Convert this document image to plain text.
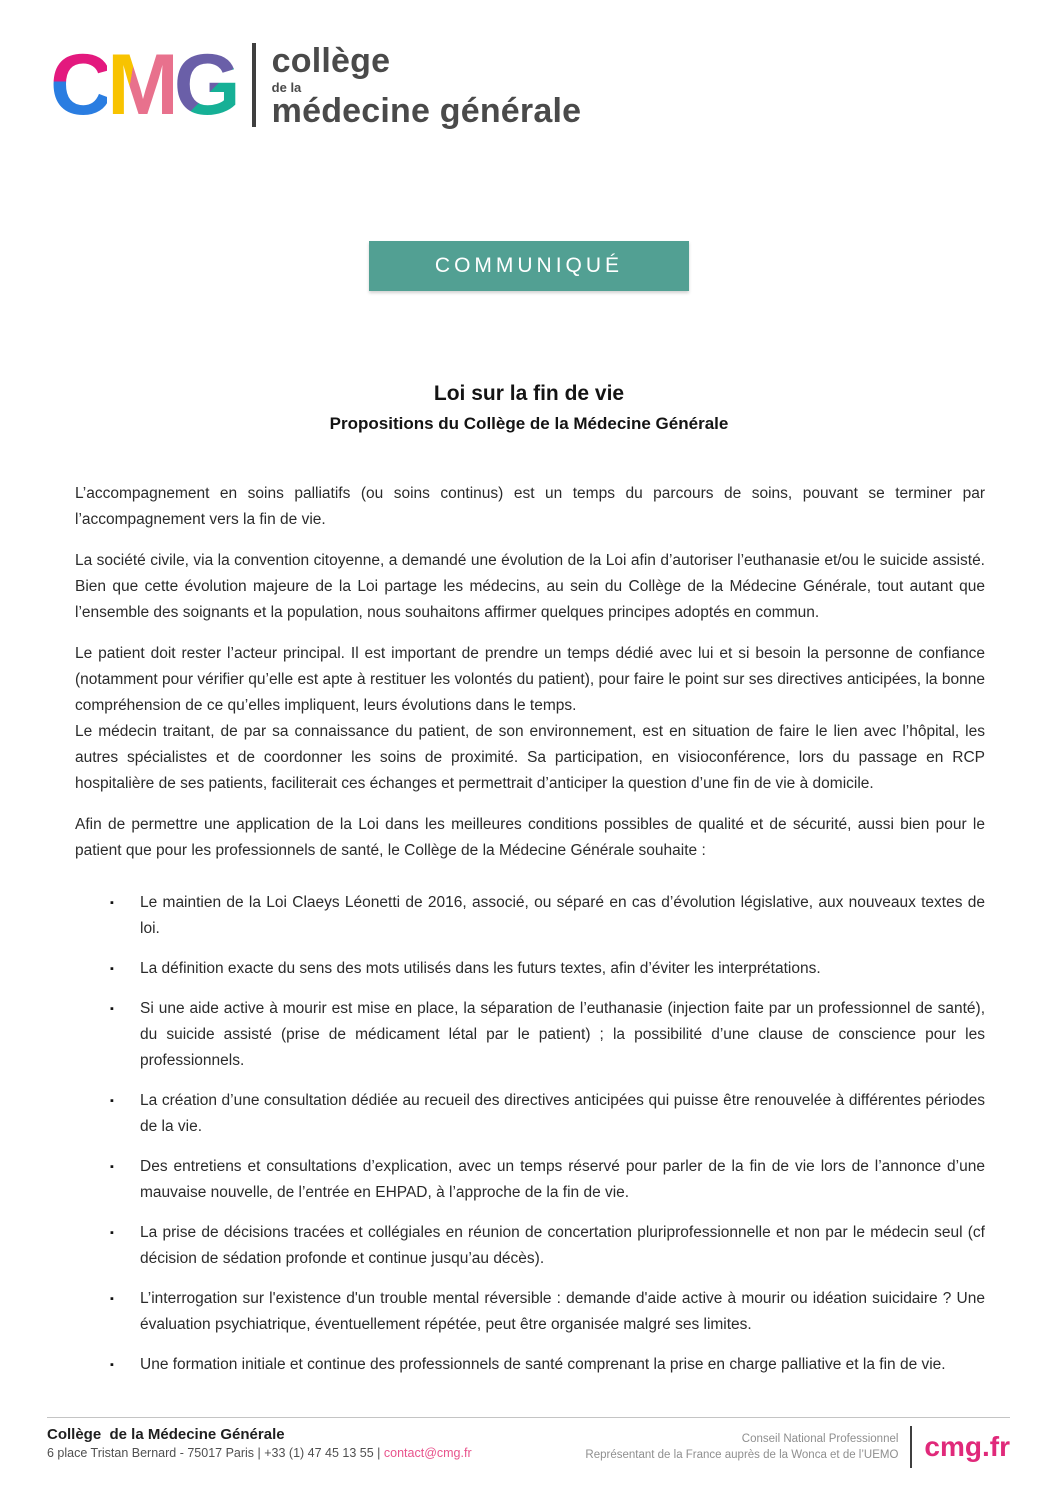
C M G collège
de la
médecine générale
COMMUNIQUÉ
Loi sur la fin de vie
Propositions du Collège de la Médecine Générale

L’accompagnement en soins palliatifs (ou soins continus) est un temps du parcours de soins, pouvant se terminer par l’accompagnement vers la fin de vie.

La société civile, via la convention citoyenne, a demandé une évolution de la Loi afin d’autoriser l’euthanasie et/ou le suicide assisté. Bien que cette évolution majeure de la Loi partage les médecins, au sein du Collège de la Médecine Générale, tout autant que l’ensemble des soignants et la population, nous souhaitons affirmer quelques principes adoptés en commun.

Le patient doit rester l’acteur principal. Il est important de prendre un temps dédié avec lui et si besoin la personne de confiance (notamment pour vérifier qu’elle est apte à restituer les volontés du patient), pour faire le point sur ses directives anticipées, la bonne compréhension de ce qu’elles impliquent, leurs évolutions dans le temps.

Le médecin traitant, de par sa connaissance du patient, de son environnement, est en situation de faire le lien avec l’hôpital, les autres spécialistes et de coordonner les soins de proximité. Sa participation, en visioconférence, lors du passage en RCP hospitalière de ses patients, faciliterait ces échanges et permettrait d’anticiper la question d’une fin de vie à domicile.

Afin de permettre une application de la Loi dans les meilleures conditions possibles de qualité et de sécurité, aussi bien pour le patient que pour les professionnels de santé, le Collège de la Médecine Générale souhaite :

▪	Le maintien de la Loi Claeys Léonetti de 2016, associé, ou séparé en cas d’évolution législative, aux nouveaux textes de loi.
▪	La définition exacte du sens des mots utilisés dans les futurs textes, afin d’éviter les interprétations.
▪	Si une aide active à mourir est mise en place, la séparation de l’euthanasie (injection faite par un professionnel de santé), du suicide assisté (prise de médicament létal par le patient) ; la possibilité d’une clause de conscience pour les professionnels.
▪	La création d’une consultation dédiée au recueil des directives anticipées qui puisse être renouvelée à différentes périodes de la vie.
▪	Des entretiens et consultations d’explication, avec un temps réservé pour parler de la fin de vie lors de l’annonce d’une mauvaise nouvelle, de l’entrée en EHPAD, à l’approche de la fin de vie.
▪	La prise de décisions tracées et collégiales en réunion de concertation pluriprofessionnelle et non par le médecin seul (cf décision de sédation profonde et continue jusqu’au décès).
▪	L’interrogation sur l'existence d'un trouble mental réversible : demande d'aide active à mourir ou idéation suicidaire ? Une évaluation psychiatrique, éventuellement répétée, peut être organisée malgré ses limites.
▪	Une formation initiale et continue des professionnels de santé comprenant la prise en charge palliative et la fin de vie.
Collège  de la Médecine Générale
6 place Tristan Bernard - 75017 Paris | +33 (1) 47 45 13 55 | contact@cmg.fr
Conseil National Professionnel
Représentant de la France auprès de la Wonca et de l’UEMO cmg.fr
